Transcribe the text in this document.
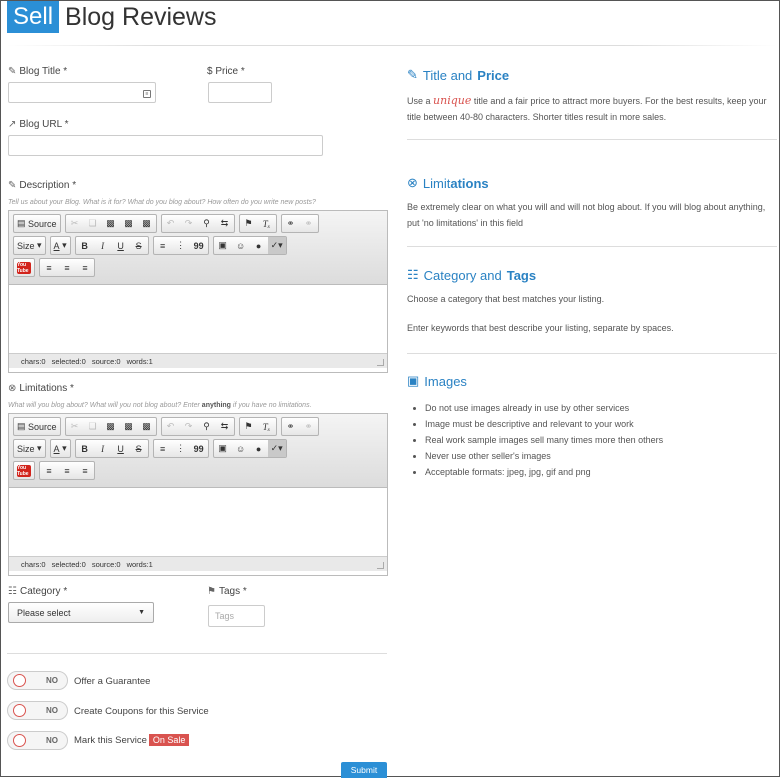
Sell Blog Reviews
✎ Blog Title *
≡
$ Price *
↗ Blog URL *
✎ Description *
Tell us about your Blog. What is it for? What do you blog about? How often do you write new posts?
▤ Source	✂	❏	▩	▩	▩	↶	↷	⚲	⇆	⚑	Tₓ	⚭	⚭
Size ▾	A ▾	B	I	U	S	≡	⋮ 99	▣	☺	●	✓▾
You Tube	≡	≡	≡
chars:0 selected:0 source:0 words:1
⊗ Limitations *
What will you blog about? What will you not blog about? Enter anything if you have no limitations.
▤ Source	✂	❏	▩	▩	▩	↶	↷	⚲	⇆	⚑	Tₓ	⚭	⚭
Size ▾	A ▾	B	I	U	S	≡	⋮ 99	▣	☺	●	✓▾
You Tube	≡	≡	≡
chars:0 selected:0 source:0 words:1
☷ Category *
Please select	▼
⚑ Tags *
Tags
NO Offer a Guarantee
NO Create Coupons for this Service
NO Mark this Service On Sale
Submit
✎ Title and Price
Use a unique title and a fair price to attract more buyers. For the best results, keep your title between 40-80 characters. Shorter titles result in more sales.
⊗ Limitations
Be extremely clear on what you will and will not blog about. If you will blog about anything, put 'no limitations' in this field
☷ Category and Tags
Choose a category that best matches your listing.
Enter keywords that best describe your listing, separate by spaces.
▣ Images
• Do not use images already in use by other services
• Image must be descriptive and relevant to your work
• Real work sample images sell many times more then others
• Never use other seller's images
• Acceptable formats: jpeg, jpg, gif and png
